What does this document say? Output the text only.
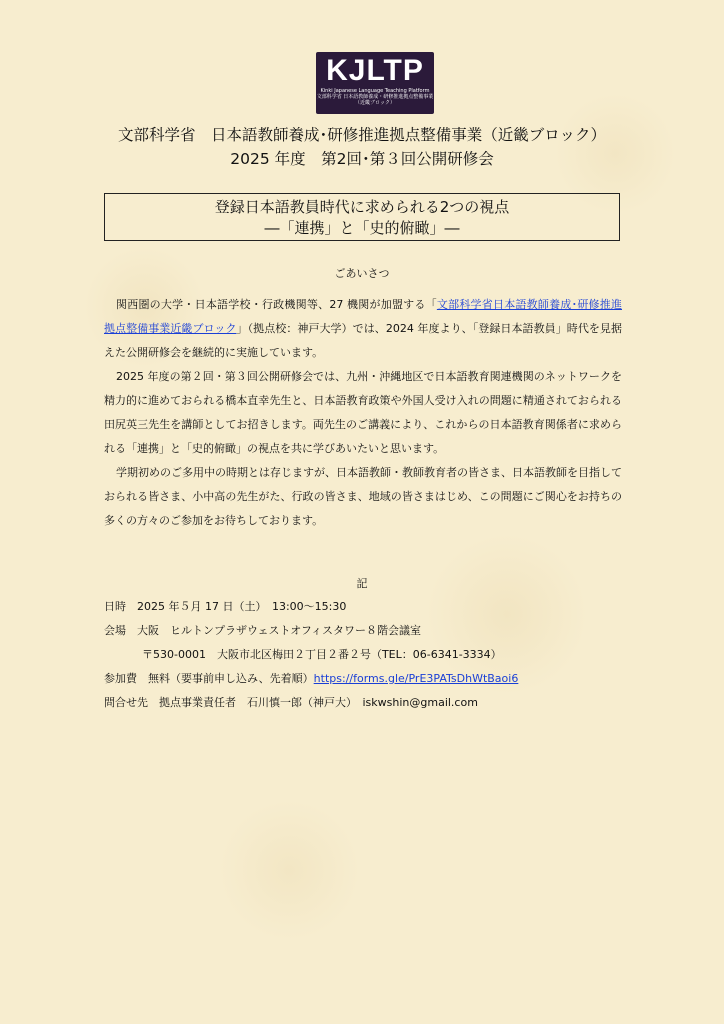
KJLTP
Kinki Japanese Language Teaching Platform
文部科学省 日本語教師養成・研修推進拠点整備事業
（近畿ブロック）
文部科学省　日本語教師養成･研修推進拠点整備事業（近畿ブロック）
2025 年度　第2回･第３回公開研修会
登録日本語教員時代に求められる2つの視点
―「連携」と「史的俯瞰」―
ごあいさつ

関西圏の大学・日本語学校・行政機関等、27 機関が加盟する「文部科学省日本語教師養成･研修推進拠点整備事業近畿ブロック」（拠点校：神戸大学）では、2024 年度より、「登録日本語教員」時代を見据えた公開研修会を継続的に実施しています。

2025 年度の第２回・第３回公開研修会では、九州・沖縄地区で日本語教育関連機関のネットワークを精力的に進めておられる橋本直幸先生と、日本語教育政策や外国人受け入れの問題に精通されておられる田尻英三先生を講師としてお招きします。両先生のご講義により、これからの日本語教育関係者に求められる「連携」と「史的俯瞰」の視点を共に学びあいたいと思います。

学期初めのご多用中の時期とは存じますが、日本語教師・教師教育者の皆さま、日本語教師を目指しておられる皆さま、小中高の先生がた、行政の皆さま、地域の皆さまはじめ、この問題にご関心をお持ちの多くの方々のご参加をお待ちしております。

記
日時　2025 年５月 17 日（土）　13:00～15:30
会場　大阪　ヒルトンプラザウェストオフィスタワー８階会議室
〒530-0001　大阪市北区梅田２丁目２番２号（TEL：06-6341-3334）
参加費　無料（要事前申し込み、先着順）https://forms.gle/PrE3PATsDhWtBaoi6
問合せ先　拠点事業責任者　石川慎一郎（神戸大）　iskwshin@gmail.com
